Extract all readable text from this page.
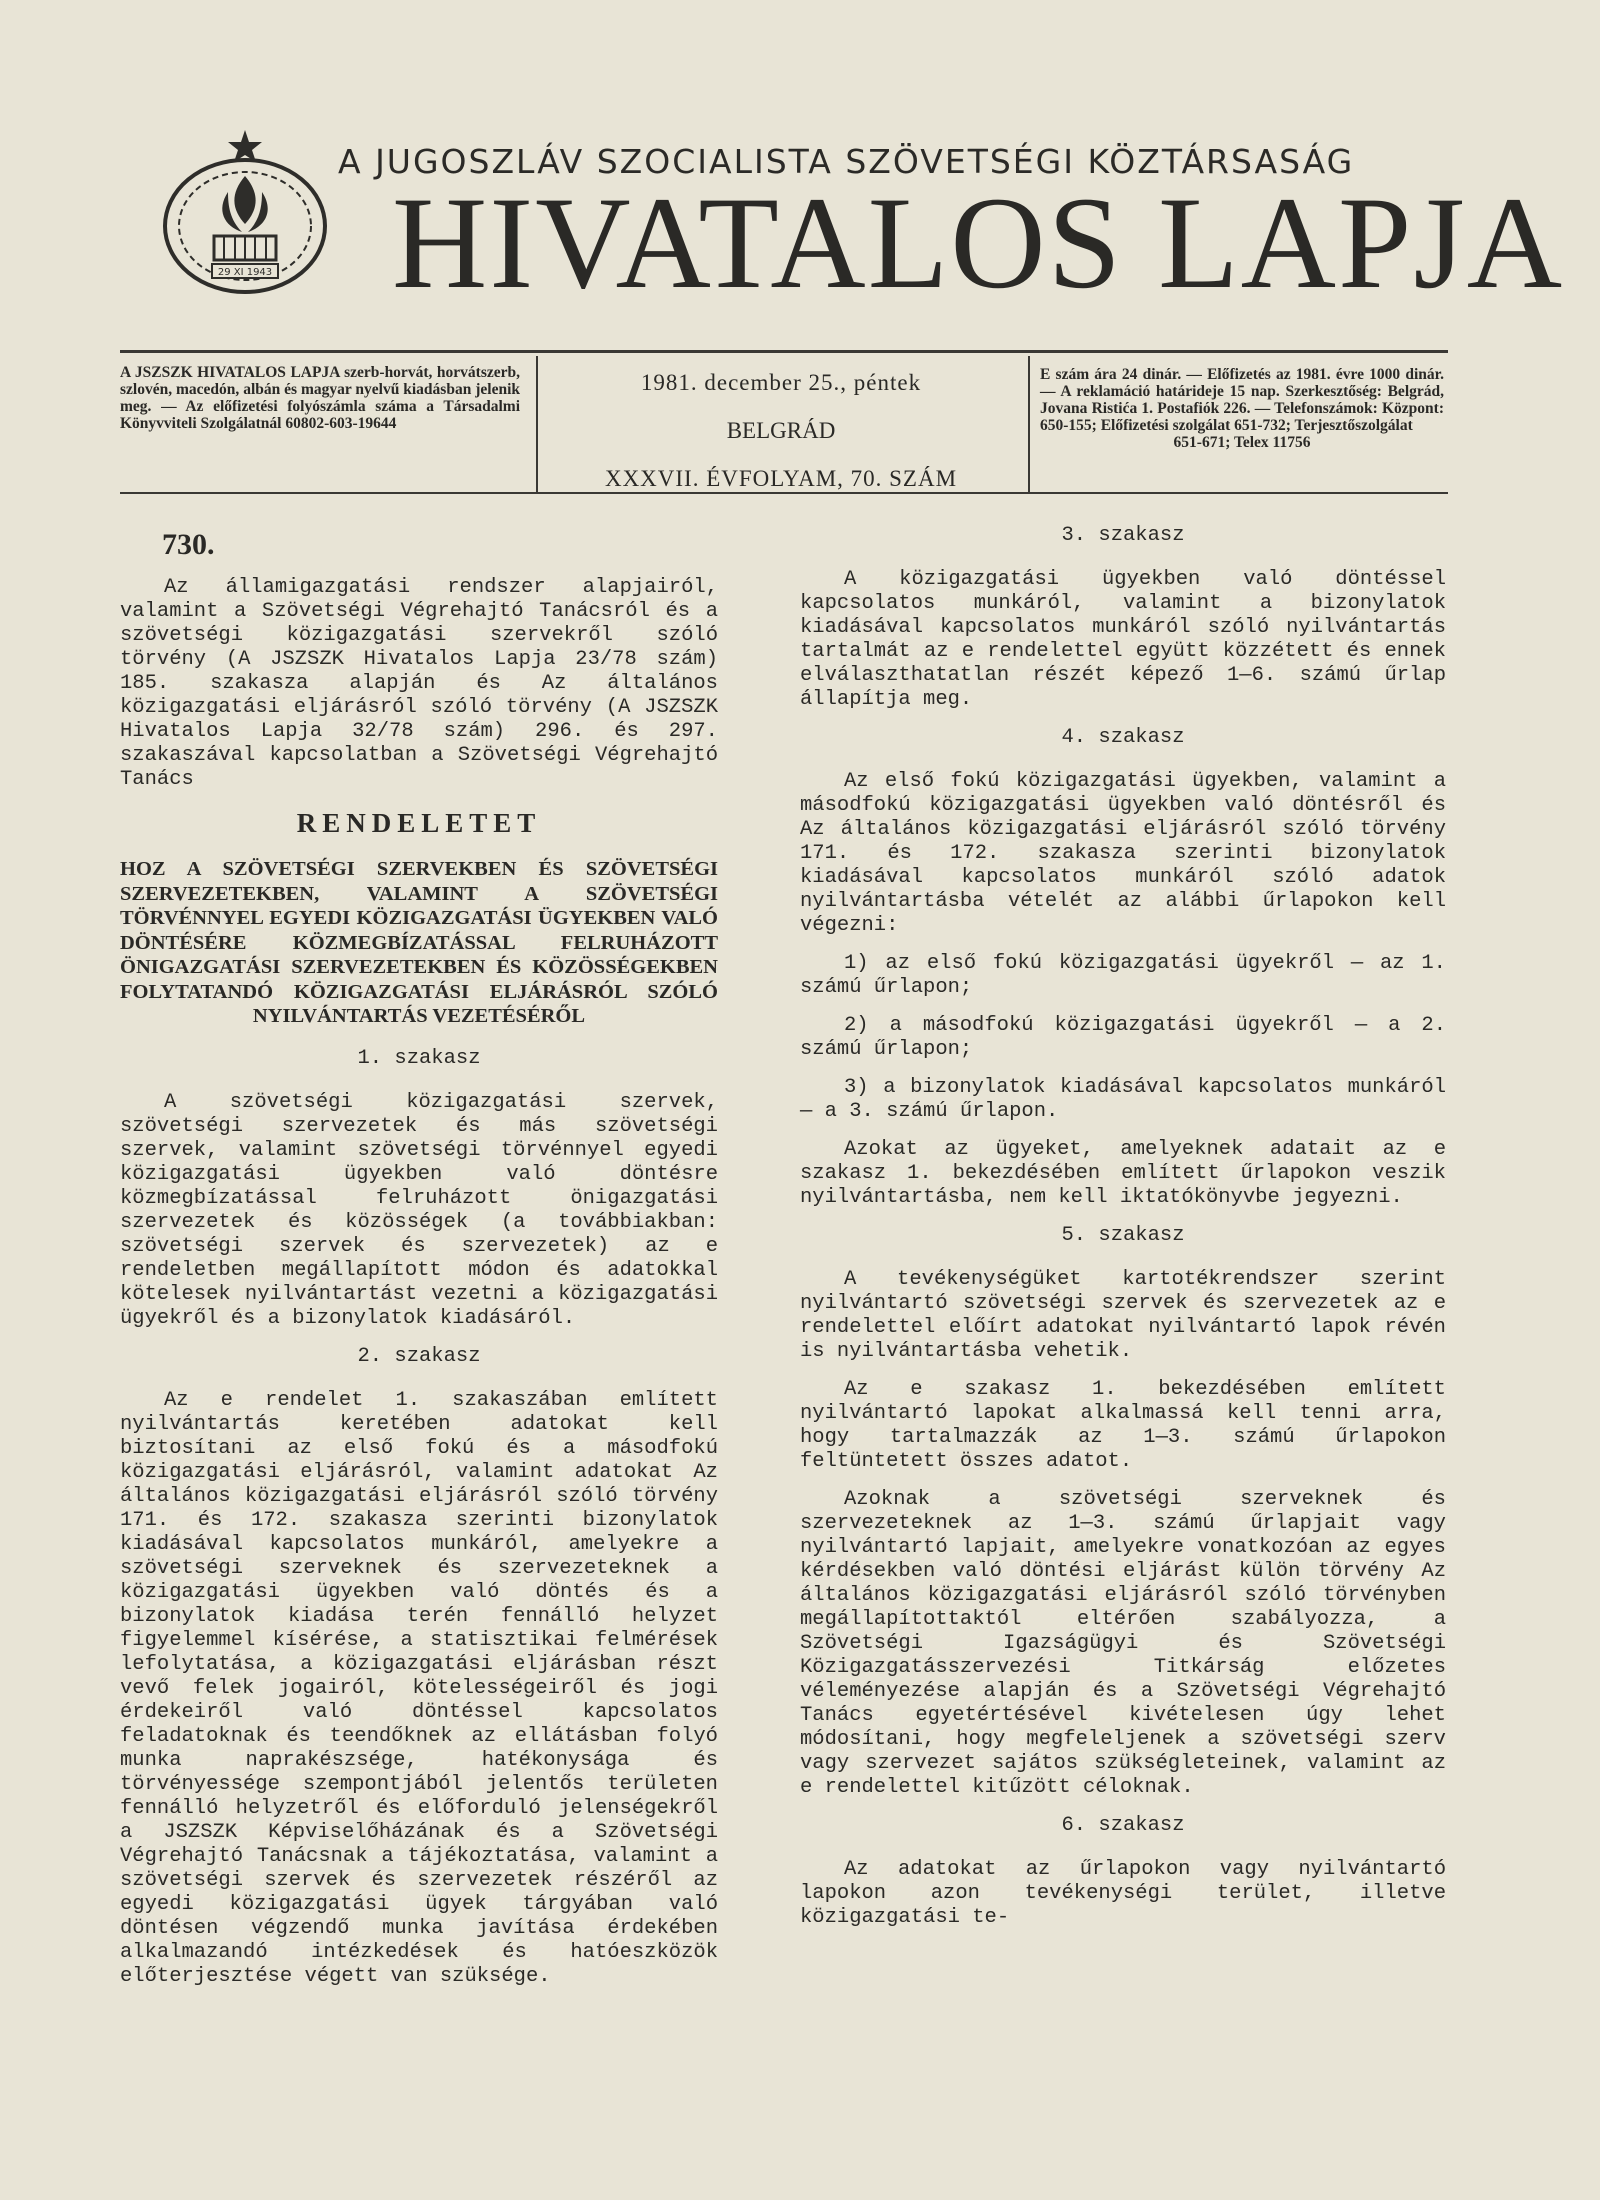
29 XI 1943
A JUGOSZLÁV SZOCIALISTA SZÖVETSÉGI KÖZTÁRSASÁG
HIVATALOS LAPJA
A JSZSZK HIVATALOS LAPJA szerb-horvát, horvátszerb, szlovén, macedón, albán és magyar nyelvű kiadásban jelenik meg. — Az előfizetési folyószámla száma a Társadalmi Könyvviteli Szolgálatnál 60802-603-19644
1981. december 25., péntek
BELGRÁD
XXXVII. ÉVFOLYAM, 70. SZÁM
E szám ára 24 dinár. — Előfizetés az 1981. évre 1000 dinár. — A reklamáció határideje 15 nap. Szerkesztőség: Belgrád, Jovana Ristića 1. Postafiók 226. — Telefonszámok: Központ: 650-155; Előfizetési szolgálat 651-732; Terjesztőszolgálat
651-671; Telex 11756
730.

Az államigazgatási rendszer alapjairól, valamint a Szövetségi Végrehajtó Tanácsról és a szövetségi közigazgatási szervekről szóló törvény (A JSZSZK Hivatalos Lapja 23/78 szám) 185. szakasza alapján és Az általános közigazgatási eljárásról szóló törvény (A JSZSZK Hivatalos Lapja 32/78 szám) 296. és 297. szakaszával kapcsolatban a Szövetségi Végrehajtó Tanács

RENDELETET
HOZ A SZÖVETSÉGI SZERVEKBEN ÉS SZÖVETSÉGI SZERVEZETEKBEN, VALAMINT A SZÖVETSÉGI TÖRVÉNNYEL EGYEDI KÖZIGAZGATÁSI ÜGYEKBEN VALÓ DÖNTÉSÉRE KÖZMEGBÍZATÁSSAL FELRUHÁZOTT ÖNIGAZGATÁSI SZERVEZETEKBEN ÉS KÖZÖSSÉGEKBEN FOLYTATANDÓ KÖZIGAZGATÁSI ELJÁRÁSRÓL SZÓLÓ NYILVÁNTARTÁS VEZETÉSÉRŐL
1. szakasz

A szövetségi közigazgatási szervek, szövetségi szervezetek és más szövetségi szervek, valamint szövetségi törvénnyel egyedi közigazgatási ügyekben való döntésre közmegbízatással felruházott önigazgatási szervezetek és közösségek (a továbbiakban: szövetségi szervek és szervezetek) az e rendeletben megállapított módon és adatokkal kötelesek nyilvántartást vezetni a közigazgatási ügyekről és a bizonylatok kiadásáról.

2. szakasz

Az e rendelet 1. szakaszában említett nyilvántartás keretében adatokat kell biztosítani az első fokú és a másodfokú közigazgatási eljárásról, valamint adatokat Az általános közigazgatási eljárásról szóló törvény 171. és 172. szakasza szerinti bizonylatok kiadásával kapcsolatos munkáról, amelyekre a szövetségi szerveknek és szervezeteknek a közigazgatási ügyekben való döntés és a bizonylatok kiadása terén fennálló helyzet figyelemmel kísérése, a statisztikai felmérések lefolytatása, a közigazgatási eljárásban részt vevő felek jogairól, kötelességeiről és jogi érdekeiről való döntéssel kapcsolatos feladatoknak és teendőknek az ellátásban folyó munka naprakészsége, hatékonysága és törvényessége szempontjából jelentős területen fennálló helyzetről és előforduló jelenségekről a JSZSZK Képviselőházának és a Szövetségi Végrehajtó Tanácsnak a tájékoztatása, valamint a szövetségi szervek és szervezetek részéről az egyedi közigazgatási ügyek tárgyában való döntésen végzendő munka javítása érdekében alkalmazandó intézkedések és hatóeszközök előterjesztése végett van szüksége.

3. szakasz

A közigazgatási ügyekben való döntéssel kapcsolatos munkáról, valamint a bizonylatok kiadásával kapcsolatos munkáról szóló nyilvántartás tartalmát az e rendelettel együtt közzétett és ennek elválaszthatatlan részét képező 1—6. számú űrlap állapítja meg.

4. szakasz

Az első fokú közigazgatási ügyekben, valamint a másodfokú közigazgatási ügyekben való döntésről és Az általános közigazgatási eljárásról szóló törvény 171. és 172. szakasza szerinti bizonylatok kiadásával kapcsolatos munkáról szóló adatok nyilvántartásba vételét az alábbi űrlapokon kell végezni:

1) az első fokú közigazgatási ügyekről — az 1. számú űrlapon;

2) a másodfokú közigazgatási ügyekről — a 2. számú űrlapon;

3) a bizonylatok kiadásával kapcsolatos munkáról — a 3. számú űrlapon.

Azokat az ügyeket, amelyeknek adatait az e szakasz 1. bekezdésében említett űrlapokon veszik nyilvántartásba, nem kell iktatókönyvbe jegyezni.

5. szakasz

A tevékenységüket kartotékrendszer szerint nyilvántartó szövetségi szervek és szervezetek az e rendelettel előírt adatokat nyilvántartó lapok révén is nyilvántartásba vehetik.

Az e szakasz 1. bekezdésében említett nyilvántartó lapokat alkalmassá kell tenni arra, hogy tartalmazzák az 1—3. számú űrlapokon feltüntetett összes adatot.

Azoknak a szövetségi szerveknek és szervezeteknek az 1—3. számú űrlapjait vagy nyilvántartó lapjait, amelyekre vonatkozóan az egyes kérdésekben való döntési eljárást külön törvény Az általános közigazgatási eljárásról szóló törvényben megállapítottaktól eltérően szabályozza, a Szövetségi Igazságügyi és Szövetségi Közigazgatásszervezési Titkárság előzetes véleményezése alapján és a Szövetségi Végrehajtó Tanács egyetértésével kivételesen úgy lehet módosítani, hogy megfeleljenek a szövetségi szerv vagy szervezet sajátos szükségleteinek, valamint az e rendelettel kitűzött céloknak.

6. szakasz

Az adatokat az űrlapokon vagy nyilvántartó lapokon azon tevékenységi terület, illetve közigazgatási te-
